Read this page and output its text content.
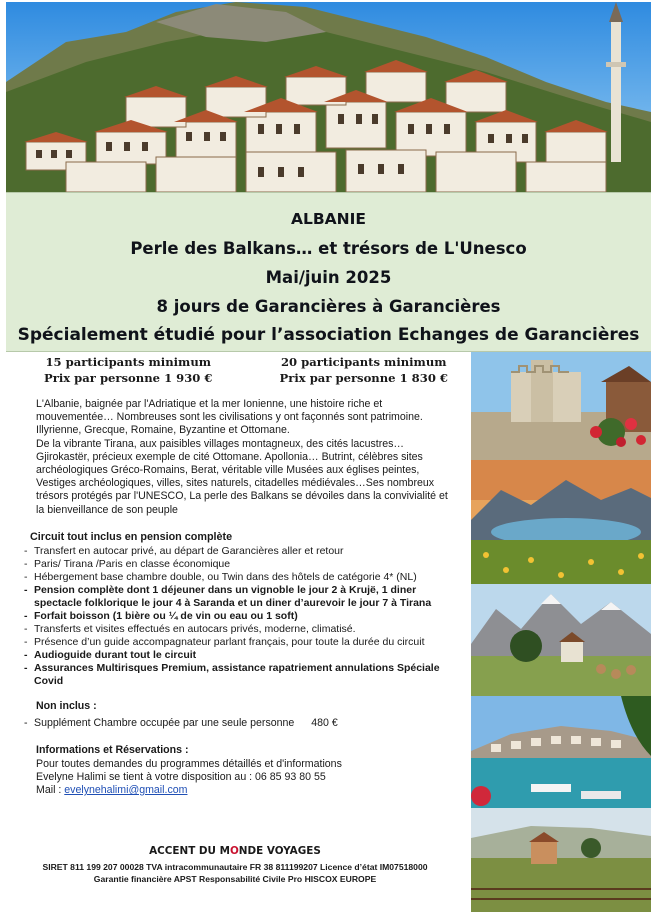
ALBANIE
Perle des Balkans… et trésors de L'Unesco
Mai/juin 2025
8 jours de Garancières à Garancières
Spécialement étudié pour l’association Echanges de Garancières
15 participants minimum
Prix par personne 1 930 €
20 participants minimum
Prix par personne 1 830 €

L'Albanie, baignée par l'Adriatique et la mer Ionienne, une histoire riche et mouvementée… Nombreuses sont les civilisations y ont façonnés sont patrimoine. Illyrienne, Grecque, Romaine, Byzantine et Ottomane.

De la vibrante Tirana, aux paisibles villages montagneux, des cités lacustres… Gjirokastër, précieux exemple de cité Ottomane. Apollonia… Butrint, célèbres sites archéologiques Gréco-Romains, Berat, véritable ville Musées aux églises peintes, Vestiges archéologiques, villes, sites naturels, citadelles médiévales…Ses nombreux trésors protégés par l'UNESCO, La perle des Balkans se dévoiles dans la convivialité et la bienveillance de son peuple

Circuit tout inclus en pension complète
- Transfert en autocar privé, au départ de Garancières aller et retour
- Paris/ Tirana /Paris en classe économique
- Hébergement base chambre double, ou Twin dans des hôtels de catégorie 4* (NL)
- Pension complète dont 1 déjeuner dans un vignoble le jour 2 à Krujë, 1 diner spectacle folklorique le jour 4 à Saranda et un diner d’aurevoir le jour 7 à Tirana
- Forfait boisson (1 bière ou ¼ de vin ou eau ou 1 soft)
- Transferts et visites effectués en autocars privés, moderne, climatisé.
- Présence d’un guide accompagnateur parlant français, pour toute la durée du circuit
- Audioguide durant tout le circuit
- Assurances Multirisques Premium, assistance rapatriement annulations Spéciale Covid
Non inclus :
- Supplément Chambre occupée par une seule personne 480 €
Informations et Réservations :
Pour toutes demandes du programmes détaillés et d'informations
Evelyne Halimi se tient à votre disposition au : 06 85 93 80 55
Mail : evelynehalimi@gmail.com
ACCENT DU MONDE VOYAGES
SIRET 811 199 207 00028 TVA intracommunautaire FR 38 811199207 Licence d’état IM07518000
Garantie financière APST Responsabilité Civile Pro HISCOX EUROPE
